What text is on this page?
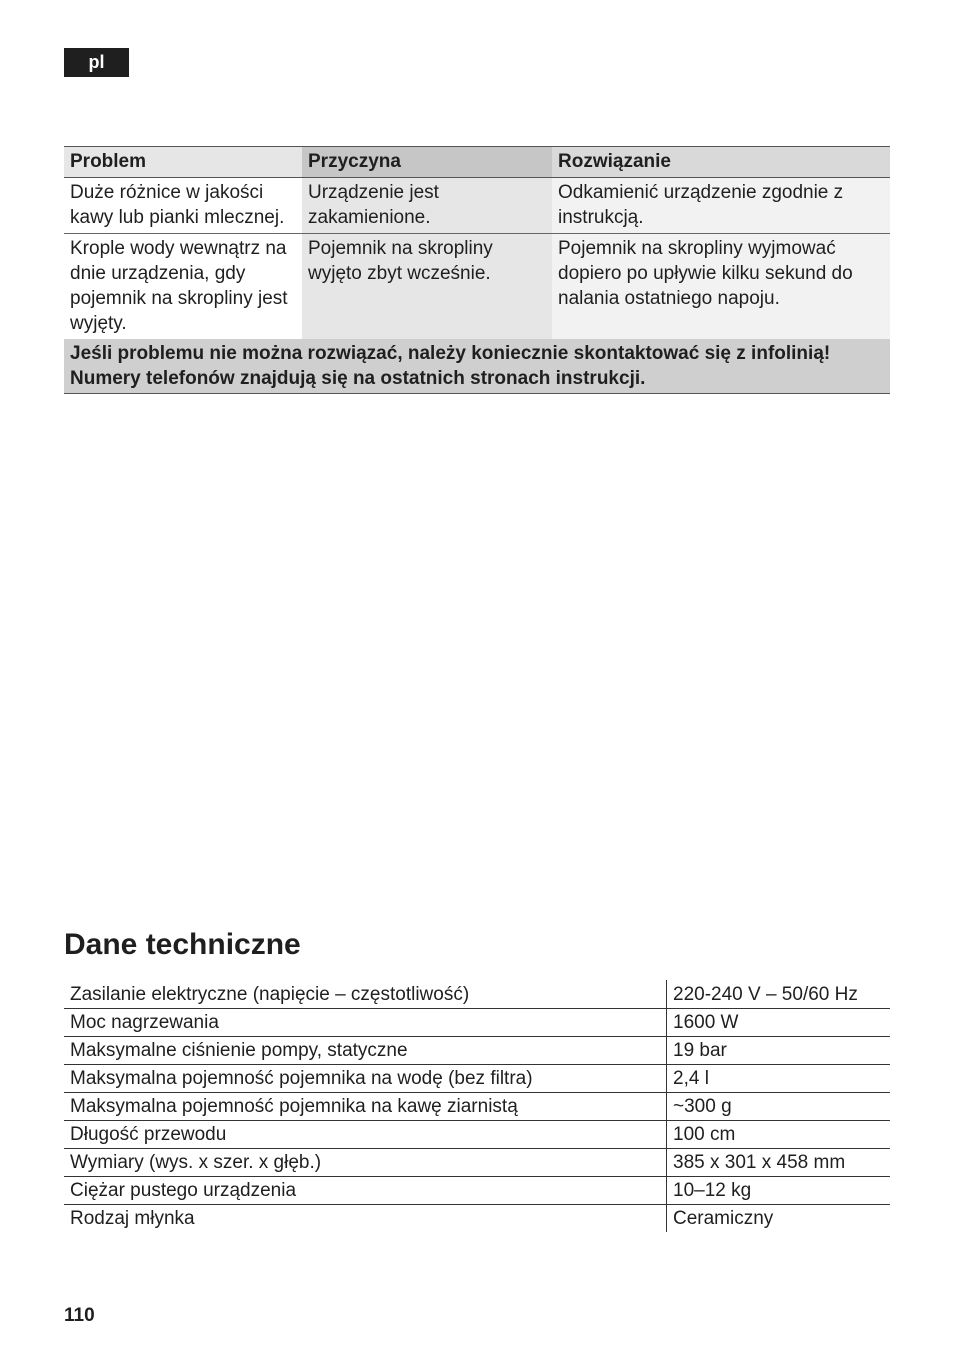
pl
Problem	Przyczyna	Rozwiązanie
Duże różnice w jakości kawy lub pianki mlecznej.	Urządzenie jest zakamienione.	Odkamienić urządzenie zgodnie z instrukcją.
Krople wody wewnątrz na dnie urządzenia, gdy pojemnik na skropliny jest wyjęty.	Pojemnik na skropliny wyjęto zbyt wcześnie.	Pojemnik na skropliny wyjmować dopiero po upływie kilku sekund do nalania ostatniego napoju.

Jeśli problemu nie można rozwiązać, należy koniecznie skontaktować się z infolinią!
Numery telefonów znajdują się na ostatnich stronach instrukcji.		
Dane techniczne
Zasilanie elektryczne (napięcie – częstotliwość)	220-240 V – 50/60 Hz
Moc nagrzewania	1600 W
Maksymalne ciśnienie pompy, statyczne	19 bar
Maksymalna pojemność pojemnika na wodę (bez filtra)	2,4 l
Maksymalna pojemność pojemnika na kawę ziarnistą	~300 g
Długość przewodu	100 cm
Wymiary (wys. x szer. x głęb.)	385 x 301 x 458 mm
Ciężar pustego urządzenia	10–12 kg
Rodzaj młynka	Ceramiczny
110
